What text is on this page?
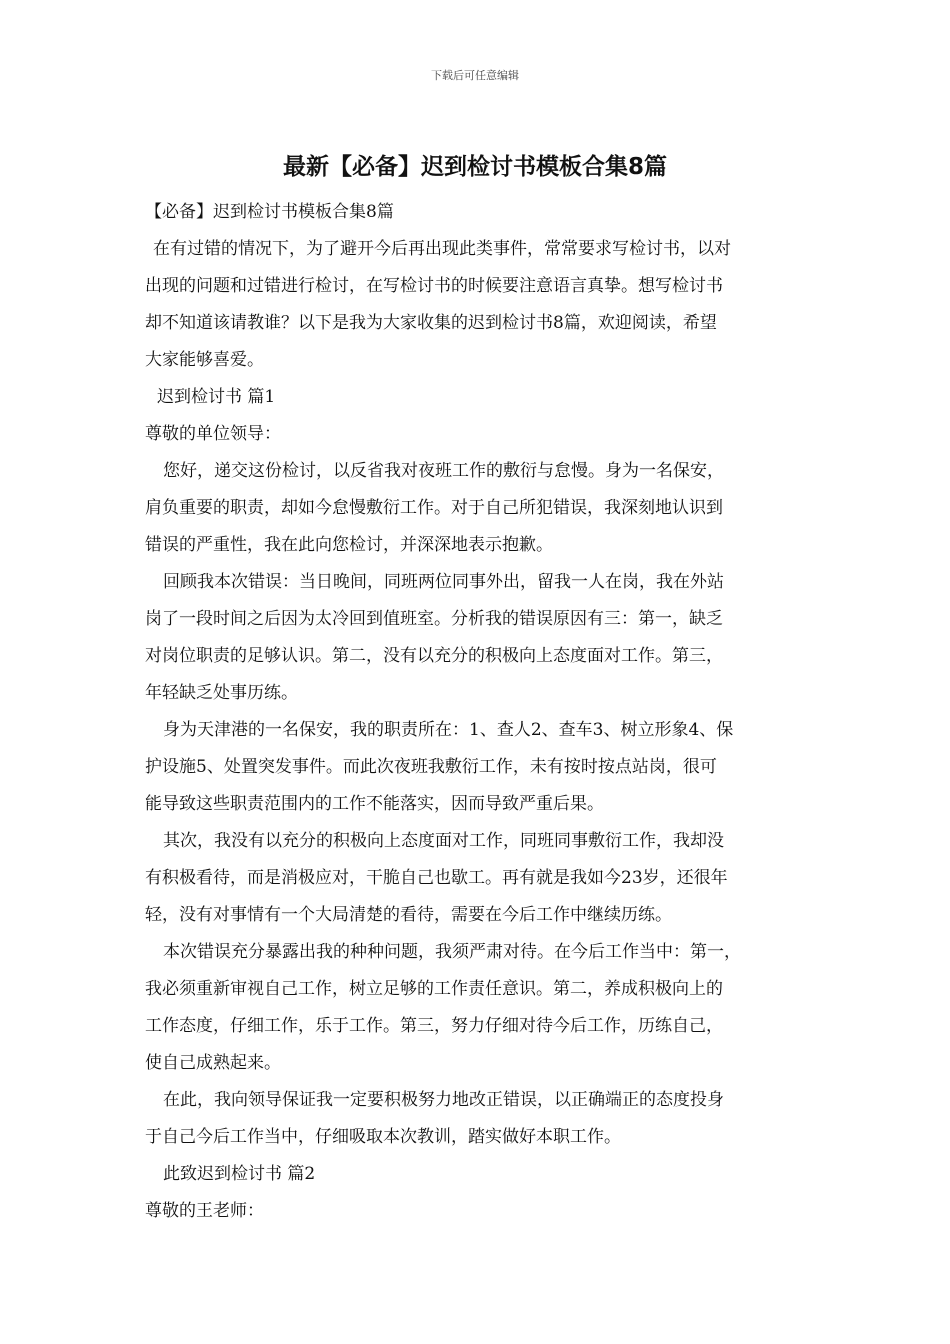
下载后可任意编辑
最新【必备】迟到检讨书模板合集8篇
【必备】迟到检讨书模板合集8篇
在有过错的情况下，为了避开今后再出现此类事件，常常要求写检讨书，以对
出现的问题和过错进行检讨，在写检讨书的时候要注意语言真挚。想写检讨书
却不知道该请教谁？以下是我为大家收集的迟到检讨书8篇，欢迎阅读，希望
大家能够喜爱。
迟到检讨书 篇1
尊敬的单位领导：
您好，递交这份检讨，以反省我对夜班工作的敷衍与怠慢。身为一名保安，
肩负重要的职责，却如今怠慢敷衍工作。对于自己所犯错误，我深刻地认识到
错误的严重性，我在此向您检讨，并深深地表示抱歉。
回顾我本次错误：当日晚间，同班两位同事外出，留我一人在岗，我在外站
岗了一段时间之后因为太冷回到值班室。分析我的错误原因有三：第一，缺乏
对岗位职责的足够认识。第二，没有以充分的积极向上态度面对工作。第三，
年轻缺乏处事历练。
身为天津港的一名保安，我的职责所在：1、查人2、查车3、树立形象4、保
护设施5、处置突发事件。而此次夜班我敷衍工作，未有按时按点站岗，很可
能导致这些职责范围内的工作不能落实，因而导致严重后果。
其次，我没有以充分的积极向上态度面对工作，同班同事敷衍工作，我却没
有积极看待，而是消极应对，干脆自己也歇工。再有就是我如今23岁，还很年
轻，没有对事情有一个大局清楚的看待，需要在今后工作中继续历练。
本次错误充分暴露出我的种种问题，我须严肃对待。在今后工作当中：第一，
我必须重新审视自己工作，树立足够的工作责任意识。第二，养成积极向上的
工作态度，仔细工作，乐于工作。第三，努力仔细对待今后工作，历练自己，
使自己成熟起来。
在此，我向领导保证我一定要积极努力地改正错误，以正确端正的态度投身
于自己今后工作当中，仔细吸取本次教训，踏实做好本职工作。
此致迟到检讨书 篇2
尊敬的王老师：
